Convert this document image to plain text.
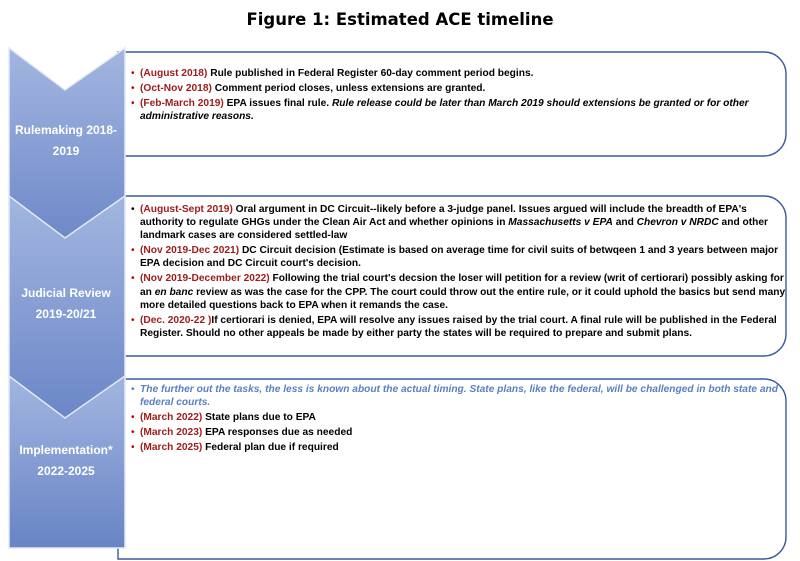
Figure 1: Estimated ACE timeline
Rulemaking 2018-
2019
Judicial Review
2019-20/21
Implementation*
2022-2025
• (August 2018) Rule published in Federal Register 60-day comment period begins.
• (Oct-Nov 2018) Comment period closes, unless extensions are granted.
• (Feb-March 2019) EPA issues final rule. Rule release could be later than March 2019 should extensions be granted or for other administrative reasons.
• (August-Sept 2019) Oral argument in DC Circuit--likely before a 3-judge panel. Issues argued will include the breadth of EPA's authority to regulate GHGs under the Clean Air Act and whether opinions in Massachusetts v EPA and Chevron v NRDC and other landmark cases are considered settled-law
• (Nov 2019-Dec 2021) DC Circuit decision (Estimate is based on average time for civil suits of betwqeen 1 and 3 years between major EPA decision and DC Circuit court's decision.
• (Nov 2019-December 2022) Following the trial court's decsion the loser will petition for a review (writ of certiorari) possibly asking for an en banc review as was the case for the CPP. The court could throw out the entire rule, or it could uphold the basics but send many more detailed questions back to EPA when it remands the case.
• (Dec. 2020-22 )If certiorari is denied, EPA will resolve any issues raised by the trial court. A final rule will be published in the Federal Register. Should no other appeals be made by either party the states will be required to prepare and submit plans.
• The further out the tasks, the less is known about the actual timing. State plans, like the federal, will be challenged in both state and federal courts.
• (March 2022) State plans due to EPA
• (March 2023) EPA responses due as needed
• (March 2025) Federal plan due if required
